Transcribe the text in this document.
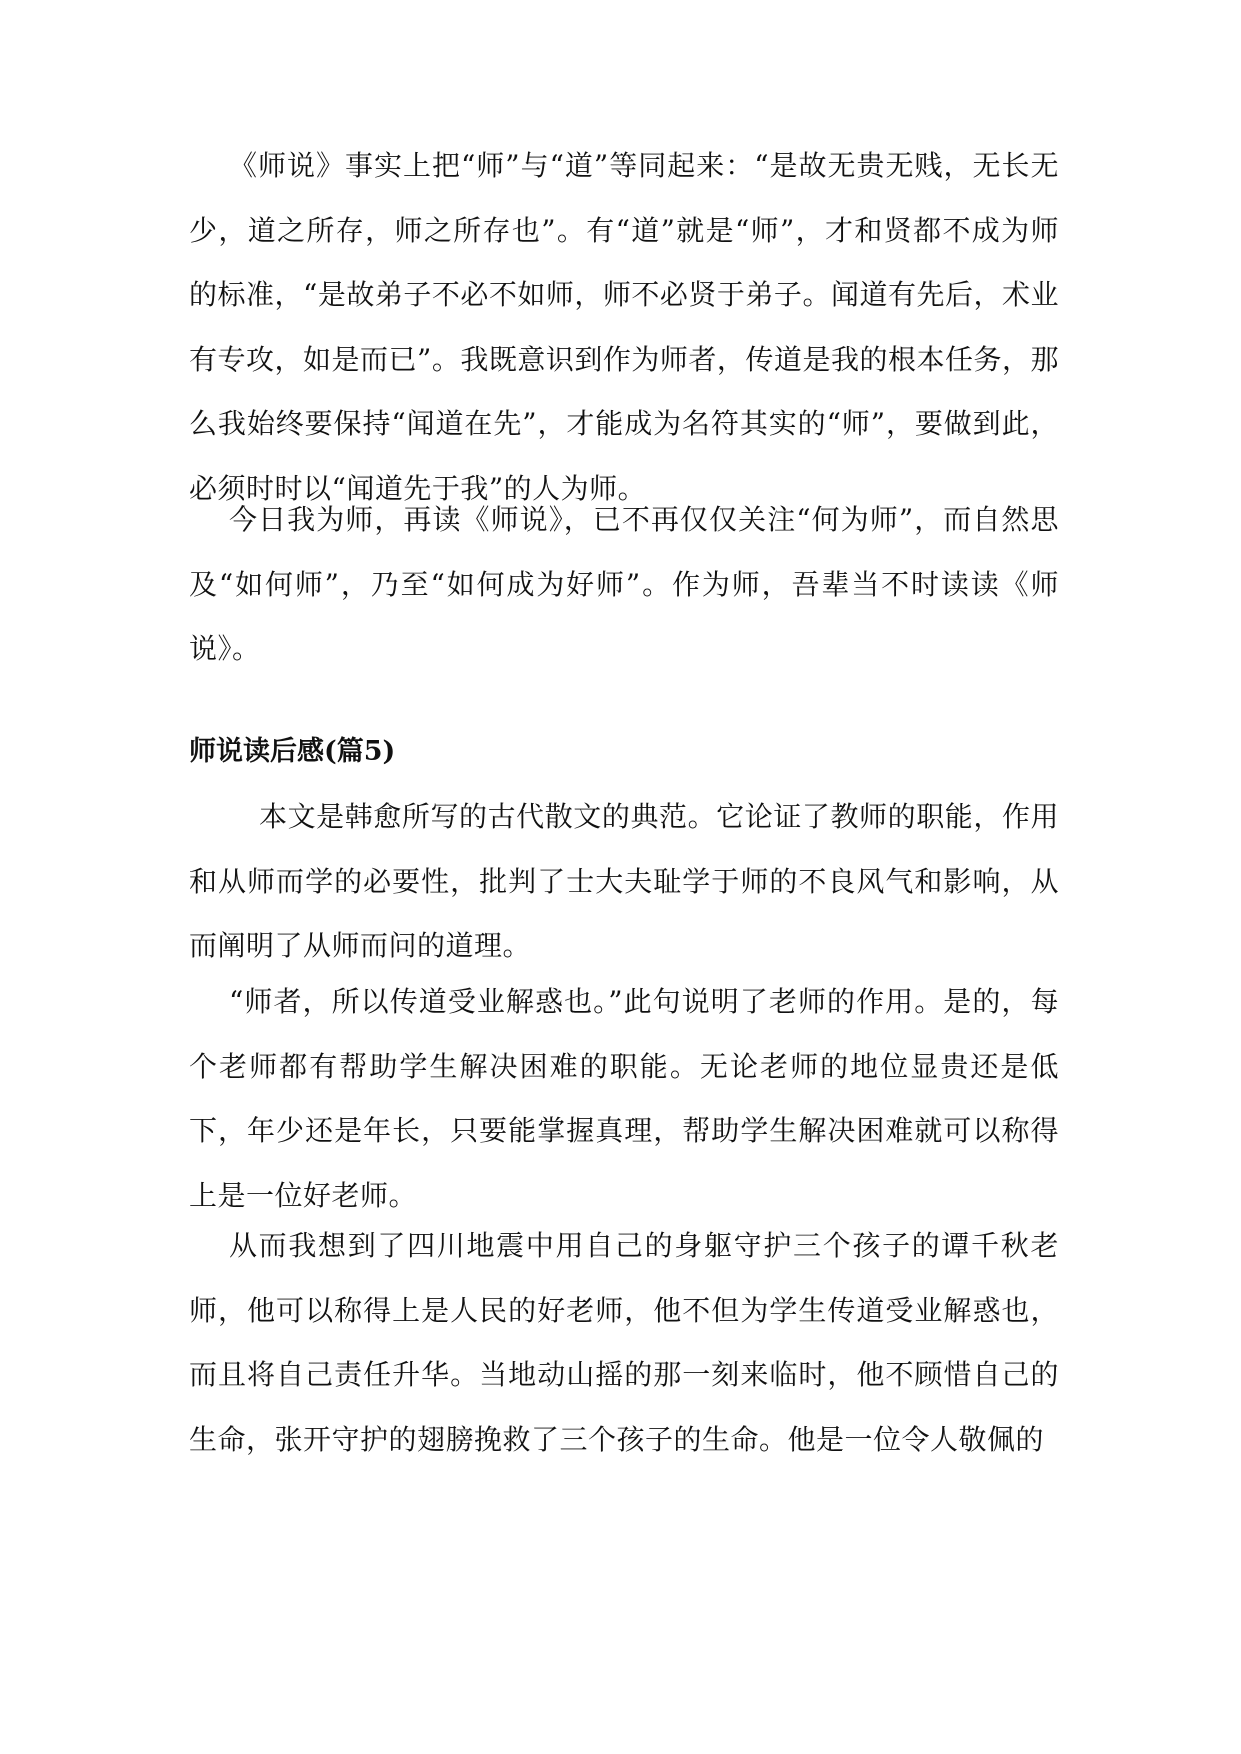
《师说》事实上把“师”与“道”等同起来：“是故无贵无贱，无长无少，道之所存，师之所存也”。有“道”就是“师”，才和贤都不成为师的标准，“是故弟子不必不如师，师不必贤于弟子。闻道有先后，术业有专攻，如是而已”。我既意识到作为师者，传道是我的根本任务，那么我始终要保持“闻道在先”，才能成为名符其实的“师”，要做到此，必须时时以“闻道先于我”的人为师。

今日我为师，再读《师说》，已不再仅仅关注“何为师”，而自然思及“如何师”，乃至“如何成为好师”。作为师，吾辈当不时读读《师说》。

师说读后感(篇5)

本文是韩愈所写的古代散文的典范。它论证了教师的职能，作用和从师而学的必要性，批判了士大夫耻学于师的不良风气和影响，从而阐明了从师而问的道理。

“师者，所以传道受业解惑也。”此句说明了老师的作用。是的，每个老师都有帮助学生解决困难的职能。无论老师的地位显贵还是低下，年少还是年长，只要能掌握真理，帮助学生解决困难就可以称得上是一位好老师。

从而我想到了四川地震中用自己的身躯守护三个孩子的谭千秋老师，他可以称得上是人民的好老师，他不但为学生传道受业解惑也，而且将自己责任升华。当地动山摇的那一刻来临时，他不顾惜自己的生命，张开守护的翅膀挽救了三个孩子的生命。他是一位令人敬佩的
